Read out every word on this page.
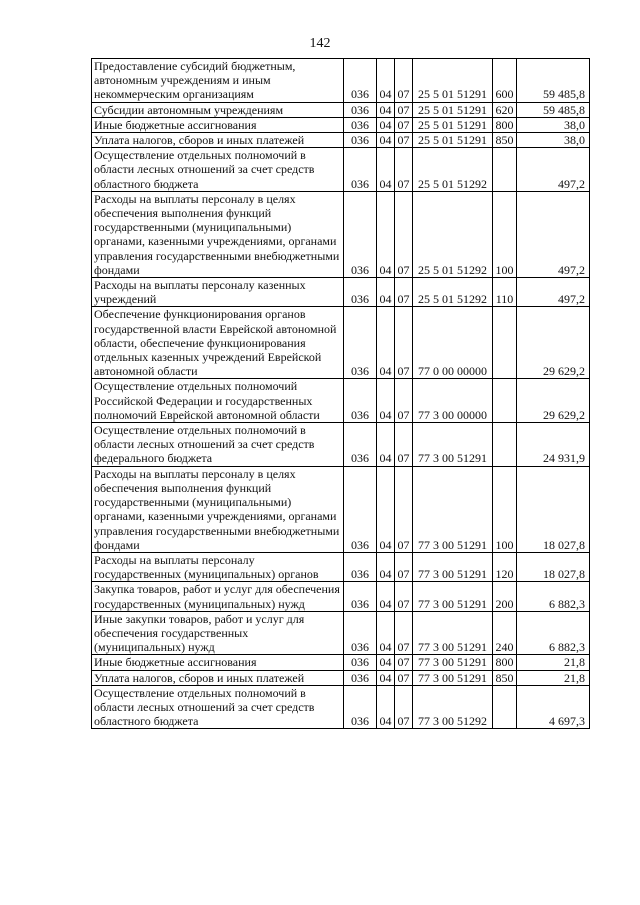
142
Предоставление субсидий бюджетным, автономным учреждениям и иным некоммерческим организациям	036	04	07	25 5 01 51291	600	59 485,8
Субсидии автономным учреждениям	036	04	07	25 5 01 51291	620	59 485,8
Иные бюджетные ассигнования	036	04	07	25 5 01 51291	800	38,0
Уплата налогов, сборов и иных платежей	036	04	07	25 5 01 51291	850	38,0
Осуществление отдельных полномочий в области лесных отношений за счет средств областного бюджета	036	04	07	25 5 01 51292		497,2
Расходы на выплаты персоналу в целях обеспечения выполнения функций государственными (муниципальными) органами, казенными учреждениями, органами управления государственными внебюджетными фондами	036	04	07	25 5 01 51292	100	497,2
Расходы на выплаты персоналу казенных учреждений	036	04	07	25 5 01 51292	110	497,2
Обеспечение функционирования органов государственной власти Еврейской автономной области, обеспечение функционирования отдельных казенных учреждений Еврейской автономной области	036	04	07	77 0 00 00000		29 629,2
Осуществление отдельных полномочий Российской Федерации и государственных полномочий Еврейской автономной области	036	04	07	77 3 00 00000		29 629,2
Осуществление отдельных полномочий в области лесных отношений за счет средств федерального бюджета	036	04	07	77 3 00 51291		24 931,9
Расходы на выплаты персоналу в целях обеспечения выполнения функций государственными (муниципальными) органами, казенными учреждениями, органами управления государственными внебюджетными фондами	036	04	07	77 3 00 51291	100	18 027,8
Расходы на выплаты персоналу государственных (муниципальных) органов	036	04	07	77 3 00 51291	120	18 027,8
Закупка товаров, работ и услуг для обеспечения государственных (муниципальных) нужд	036	04	07	77 3 00 51291	200	6 882,3
Иные закупки товаров, работ и услуг для обеспечения государственных (муниципальных) нужд	036	04	07	77 3 00 51291	240	6 882,3
Иные бюджетные ассигнования	036	04	07	77 3 00 51291	800	21,8
Уплата налогов, сборов и иных платежей	036	04	07	77 3 00 51291	850	21,8
Осуществление отдельных полномочий в области лесных отношений за счет средств областного бюджета	036	04	07	77 3 00 51292		4 697,3
